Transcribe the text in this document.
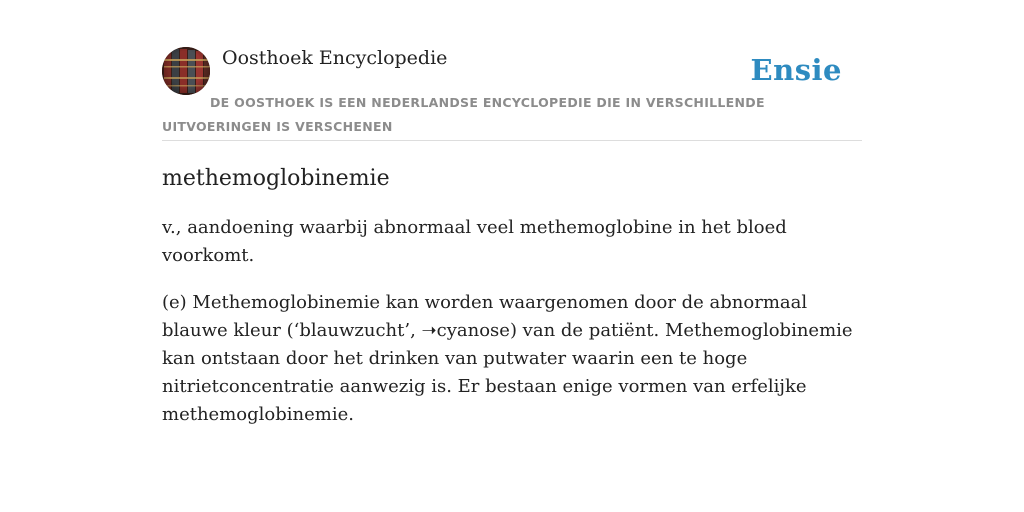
Oosthoek Encyclopedie	Ensie
DE OOSTHOEK IS EEN NEDERLANDSE ENCYCLOPEDIE DIE IN VERSCHILLENDE UITVOERINGEN IS VERSCHENEN
methemoglobinemie

v., aandoening waarbij abnormaal veel methemoglobine in het bloed voorkomt.

(e) Methemoglobinemie kan worden waargenomen door de abnormaal blauwe kleur (‘blauwzucht’, ➝cyanose) van de patiënt. Methemoglobinemie kan ontstaan door het drinken van putwater waarin een te hoge nitrietconcentratie aanwezig is. Er bestaan enige vormen van erfelijke methemoglobinemie.
